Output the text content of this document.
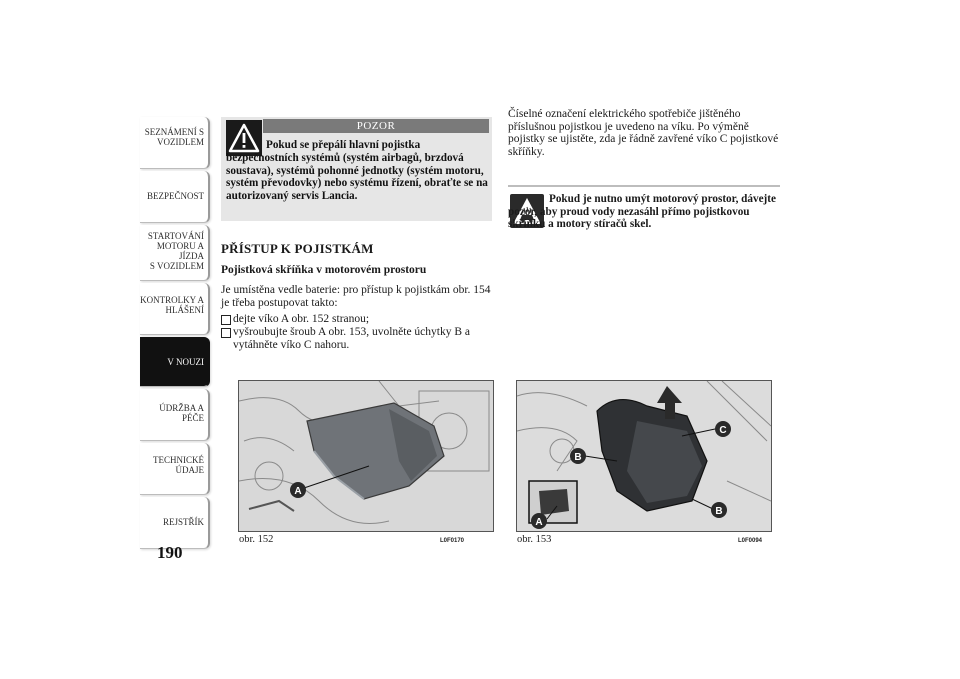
SEZNÁMENÍ S
VOZIDLEM
BEZPEČNOST
STARTOVÁNÍ
MOTORU A JÍZDA
S VOZIDLEM
KONTROLKY A
HLÁŠENÍ
V NOUZI
ÚDRŽBA A PÉČE
TECHNICKÉ
ÚDAJE
REJSTŘÍK
190
POZOR
Pokud se přepálí hlavní pojistka bezpečnostních systémů (systém airbagů, brzdová soustava), systémů pohonné jednotky (systém motoru, systém převodovky) nebo systému řízení, obraťte se na autorizovaný servis Lancia.
PŘÍSTUP K POJISTKÁM
Pojistková skříňka v motorovém prostoru
Je umístěna vedle baterie: pro přístup k pojistkám obr. 154 je třeba postupovat takto:
dejte víko A obr. 152 stranou;
vyšroubujte šroub A obr. 153, uvolněte úchytky B a vytáhněte víko C nahoru.
Číselné označení elektrického spotřebiče jištěného příslušnou pojistkou je uvedeno na víku. Po výměně pojistky se ujistěte, zda je řádně zavřené víko C pojistkové skříňky.
Pokud je nutno umýt motorový prostor, dávejte pozor, aby proud vody nezasáhl přímo pojistkovou skříňku a motory stíračů skel.
A
obr. 152	L0F0170
B
C
B
A
obr. 153	L0F0094
